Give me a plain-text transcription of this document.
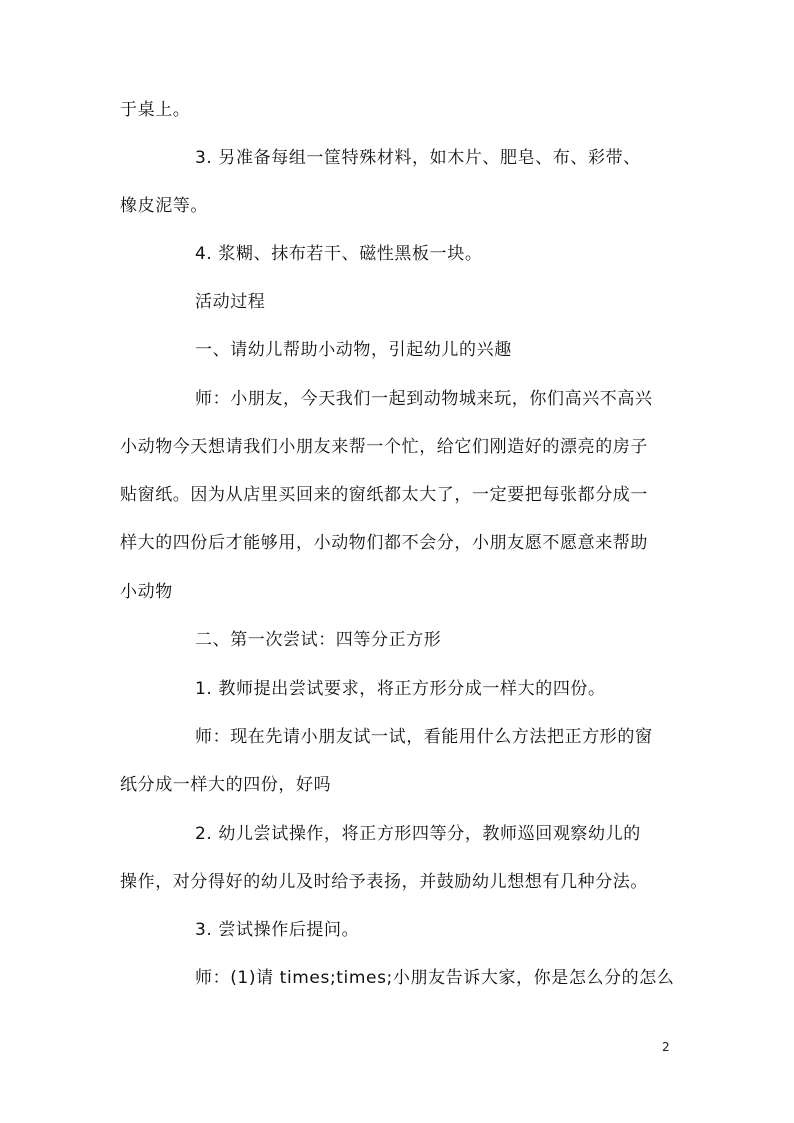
于桌上。
3. 另准备每组一筐特殊材料，如木片、肥皂、布、彩带、
橡皮泥等。
4. 浆糊、抹布若干、磁性黑板一块。
活动过程
一、请幼儿帮助小动物，引起幼儿的兴趣
师：小朋友，今天我们一起到动物城来玩，你们高兴不高兴
小动物今天想请我们小朋友来帮一个忙，给它们刚造好的漂亮的房子
贴窗纸。因为从店里买回来的窗纸都太大了，一定要把每张都分成一
样大的四份后才能够用，小动物们都不会分，小朋友愿不愿意来帮助
小动物
二、第一次尝试：四等分正方形
1. 教师提出尝试要求，将正方形分成一样大的四份。
师：现在先请小朋友试一试，看能用什么方法把正方形的窗
纸分成一样大的四份，好吗
2. 幼儿尝试操作，将正方形四等分，教师巡回观察幼儿的
操作，对分得好的幼儿及时给予表扬，并鼓励幼儿想想有几种分法。
3. 尝试操作后提问。
师：(1)请 times;times;小朋友告诉大家，你是怎么分的怎么
2
